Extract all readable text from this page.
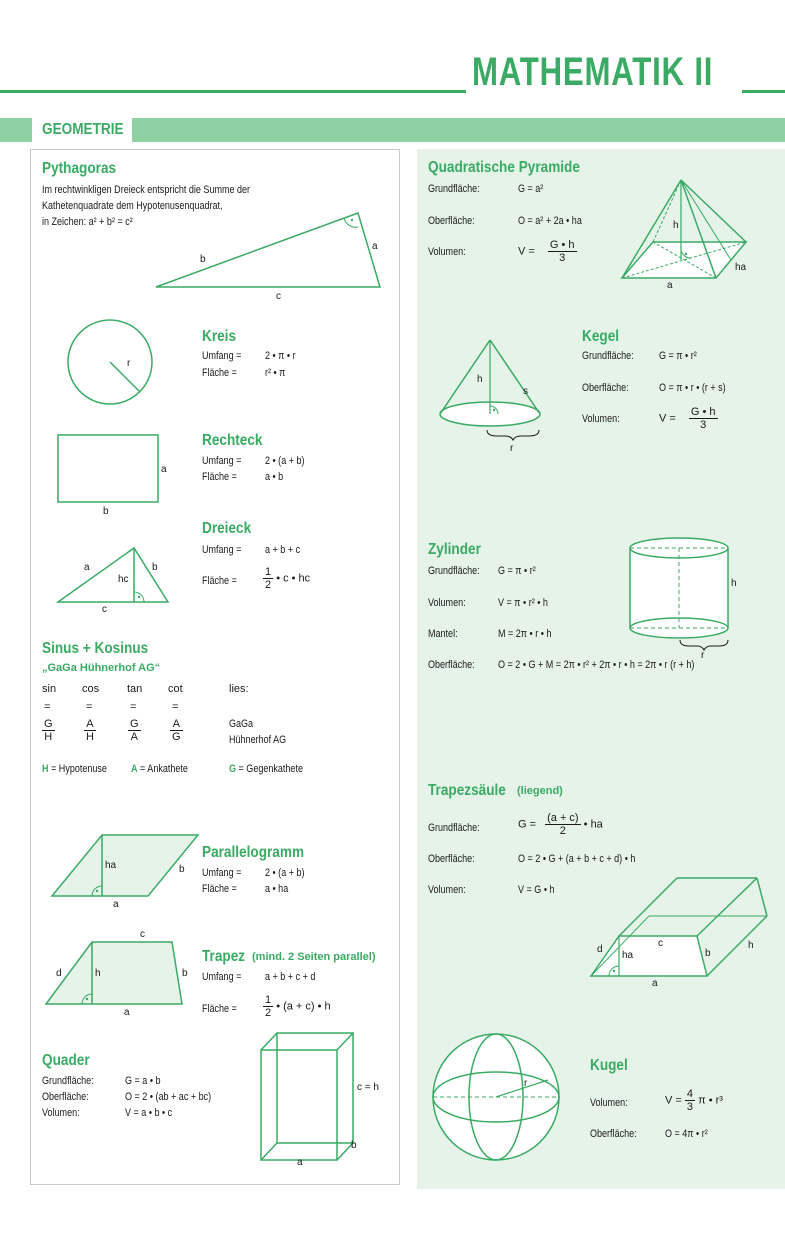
MATHEMATIK II
GEOMETRIE
Pythagoras
Im rechtwinkligen Dreieck entspricht die Summe der
Kathetenquadrate dem Hypotenusenquadrat,
in Zeichen: a² + b² = c²
b
a
c
r
Kreis
Umfang = 2 • π • r
Fläche =	r² • π
a
b
Rechteck
Umfang = 2 • (a + b)
Fläche =	a • b
a	b
hc
c
Dreieck
Umfang = a + b + c
Fläche = $\frac{1}{2}$ • c • hc
Sinus + Kosinus
„GaGa Hühnerhof AG“
sin cos	tan cot	lies:
=	=	=	=
$\frac{G}{H}$	$\frac{A}{H}$	$\frac{G}{A}$	$\frac{A}{G}$	GaGa
Hühnerhof AG
H = Hypotenuse A = Ankathete	G = Gegenkathete
ha	b
a
Parallelogramm
Umfang = 2 • (a + b)
Fläche =	a • ha
c
d	h	b
a
Trapez (mind. 2 Seiten parallel)
Umfang = a + b + c + d
Fläche = $\frac{1}{2}$ • (a + c) • h
Quader
Grundfläche:	G = a • b
Oberfläche:	O = 2 • (ab + ac + bc)
Volumen:	V = a • b • c
c = h
b
a
Quadratische Pyramide
Grundfläche:	G = a²
Oberfläche:	O = a² + 2a • ha
Volumen:	$V = \frac{G • h}{3}$
h
ha
a
h
s
r
Kegel
Grundfläche: G = π • r²
Oberfläche:	O = π • r • (r + s)
Volumen:	$V = \frac{G • h}{3}$
Zylinder
Grundfläche: G = π • r²
Volumen:	V = π • r² • h
Mantel:	M = 2π • r • h
Oberfläche: O = 2 • G + M = 2π • r² + 2π • r • h = 2π • r (r + h)
h
r
Trapezsäule (liegend)
Grundfläche:	$G = \frac{(a + c)}{2}$ • ha
Oberfläche:	O = 2 • G + (a + b + c + d) • h
Volumen:	V = G • h
d
ha
c
b
h
a
r
Kugel
Volumen:	$V = \frac{4}{3}$ π • r³
Oberfläche:	O = 4π • r²
